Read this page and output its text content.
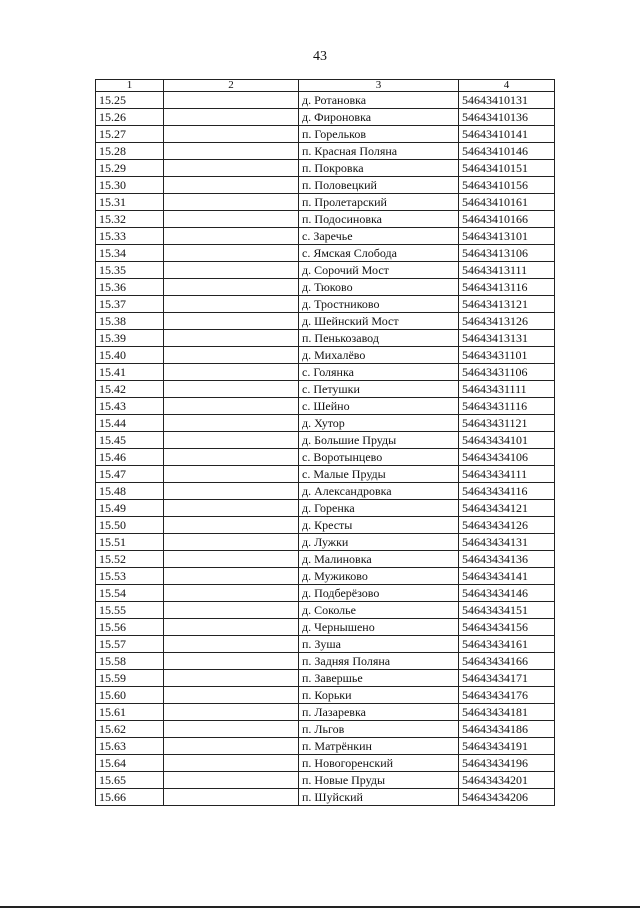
43
1	2	3	4
15.25		д. Ротановка	54643410131
15.26		д. Фироновка	54643410136
15.27		п. Горельков	54643410141
15.28		п. Красная Поляна	54643410146
15.29		п. Покровка	54643410151
15.30		п. Половецкий	54643410156
15.31		п. Пролетарский	54643410161
15.32		п. Подосиновка	54643410166
15.33		с. Заречье	54643413101
15.34		с. Ямская Слобода	54643413106
15.35		д. Сорочий Мост	54643413111
15.36		д. Тюково	54643413116
15.37		д. Тростниково	54643413121
15.38		д. Шейнский Мост	54643413126
15.39		п. Пенькозавод	54643413131
15.40		д. Михалёво	54643431101
15.41		с. Голянка	54643431106
15.42		с. Петушки	54643431111
15.43		с. Шейно	54643431116
15.44		д. Хутор	54643431121
15.45		д. Большие Пруды	54643434101
15.46		с. Воротынцево	54643434106
15.47		с. Малые Пруды	54643434111
15.48		д. Александровка	54643434116
15.49		д. Горенка	54643434121
15.50		д. Кресты	54643434126
15.51		д. Лужки	54643434131
15.52		д. Малиновка	54643434136
15.53		д. Мужиково	54643434141
15.54		д. Подберёзово	54643434146
15.55		д. Сокольe	54643434151
15.56		д. Чернышено	54643434156
15.57		п. Зуша	54643434161
15.58		п. Задняя Поляна	54643434166
15.59		п. Завершье	54643434171
15.60		п. Корьки	54643434176
15.61		п. Лазаревка	54643434181
15.62		п. Льгов	54643434186
15.63		п. Матрёнкин	54643434191
15.64		п. Новогоренский	54643434196
15.65		п. Новые Пруды	54643434201
15.66		п. Шуйский	54643434206
